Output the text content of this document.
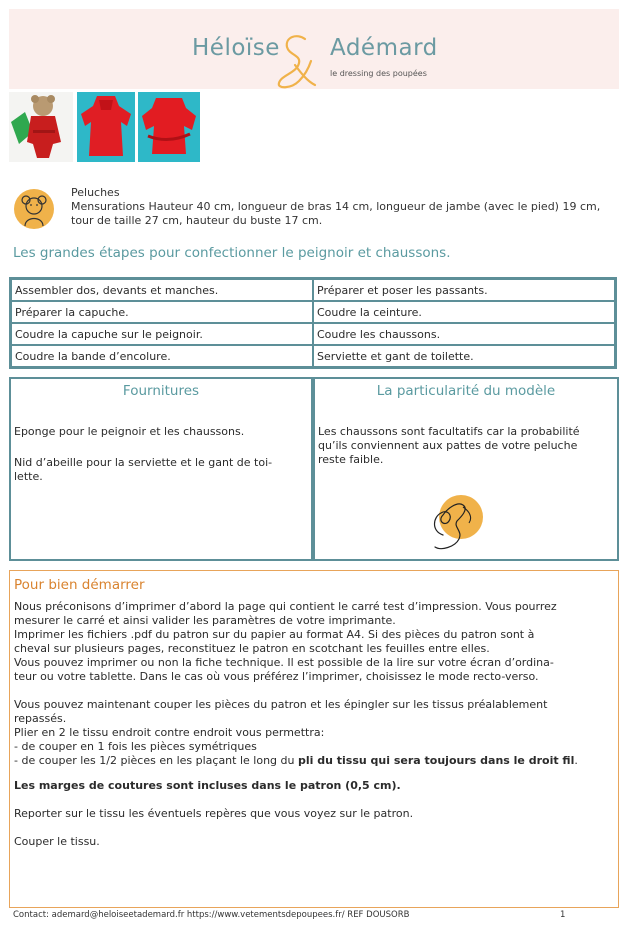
Héloïse Adémard
le dressing des poupées
Peluches
Mensurations Hauteur 40 cm, longueur de bras 14 cm, longueur de jambe (avec le pied) 19 cm,
tour de taille 27 cm, hauteur du buste 17 cm.
Les grandes étapes pour confectionner le peignoir et chaussons.
Assembler dos, devants et manches.	Préparer et poser les passants.
Préparer la capuche.	Coudre la ceinture.
Coudre la capuche sur le peignoir.	Coudre les chaussons.
Coudre la bande d’encolure.	Serviette et gant de toilette.
Fournitures

Eponge pour le peignoir et les chaussons.

Nid d’abeille pour la serviette et le gant de toi-

lette.

La particularité du modèle

Les chaussons sont facultatifs car la probabilité

qu’ils conviennent aux pattes de votre peluche

reste faible.

Pour bien démarrer
Nous préconisons d’imprimer d’abord la page qui contient le carré test d’impression. Vous pourrez
mesurer le carré et ainsi valider les paramètres de votre imprimante.
Imprimer les fichiers .pdf du patron sur du papier au format A4. Si des pièces du patron sont à
cheval sur plusieurs pages, reconstituez le patron en scotchant les feuilles entre elles.
Vous pouvez imprimer ou non la fiche technique. Il est possible de la lire sur votre écran d’ordina-
teur ou votre tablette. Dans le cas où vous préférez l’imprimer, choisissez le mode recto-verso.
Vous pouvez maintenant couper les pièces du patron et les épingler sur les tissus préalablement
repassés.
Plier en 2 le tissu endroit contre endroit vous permettra:
- de couper en 1 fois les pièces symétriques
- de couper les 1/2 pièces en les plaçant le long du pli du tissu qui sera toujours dans le droit fil.
Les marges de coutures sont incluses dans le patron (0,5 cm).
Reporter sur le tissu les éventuels repères que vous voyez sur le patron.
Couper le tissu.
Contact: ademard@heloiseetademard.fr https://www.vetementsdepoupees.fr/ REF DOUSORB	1
